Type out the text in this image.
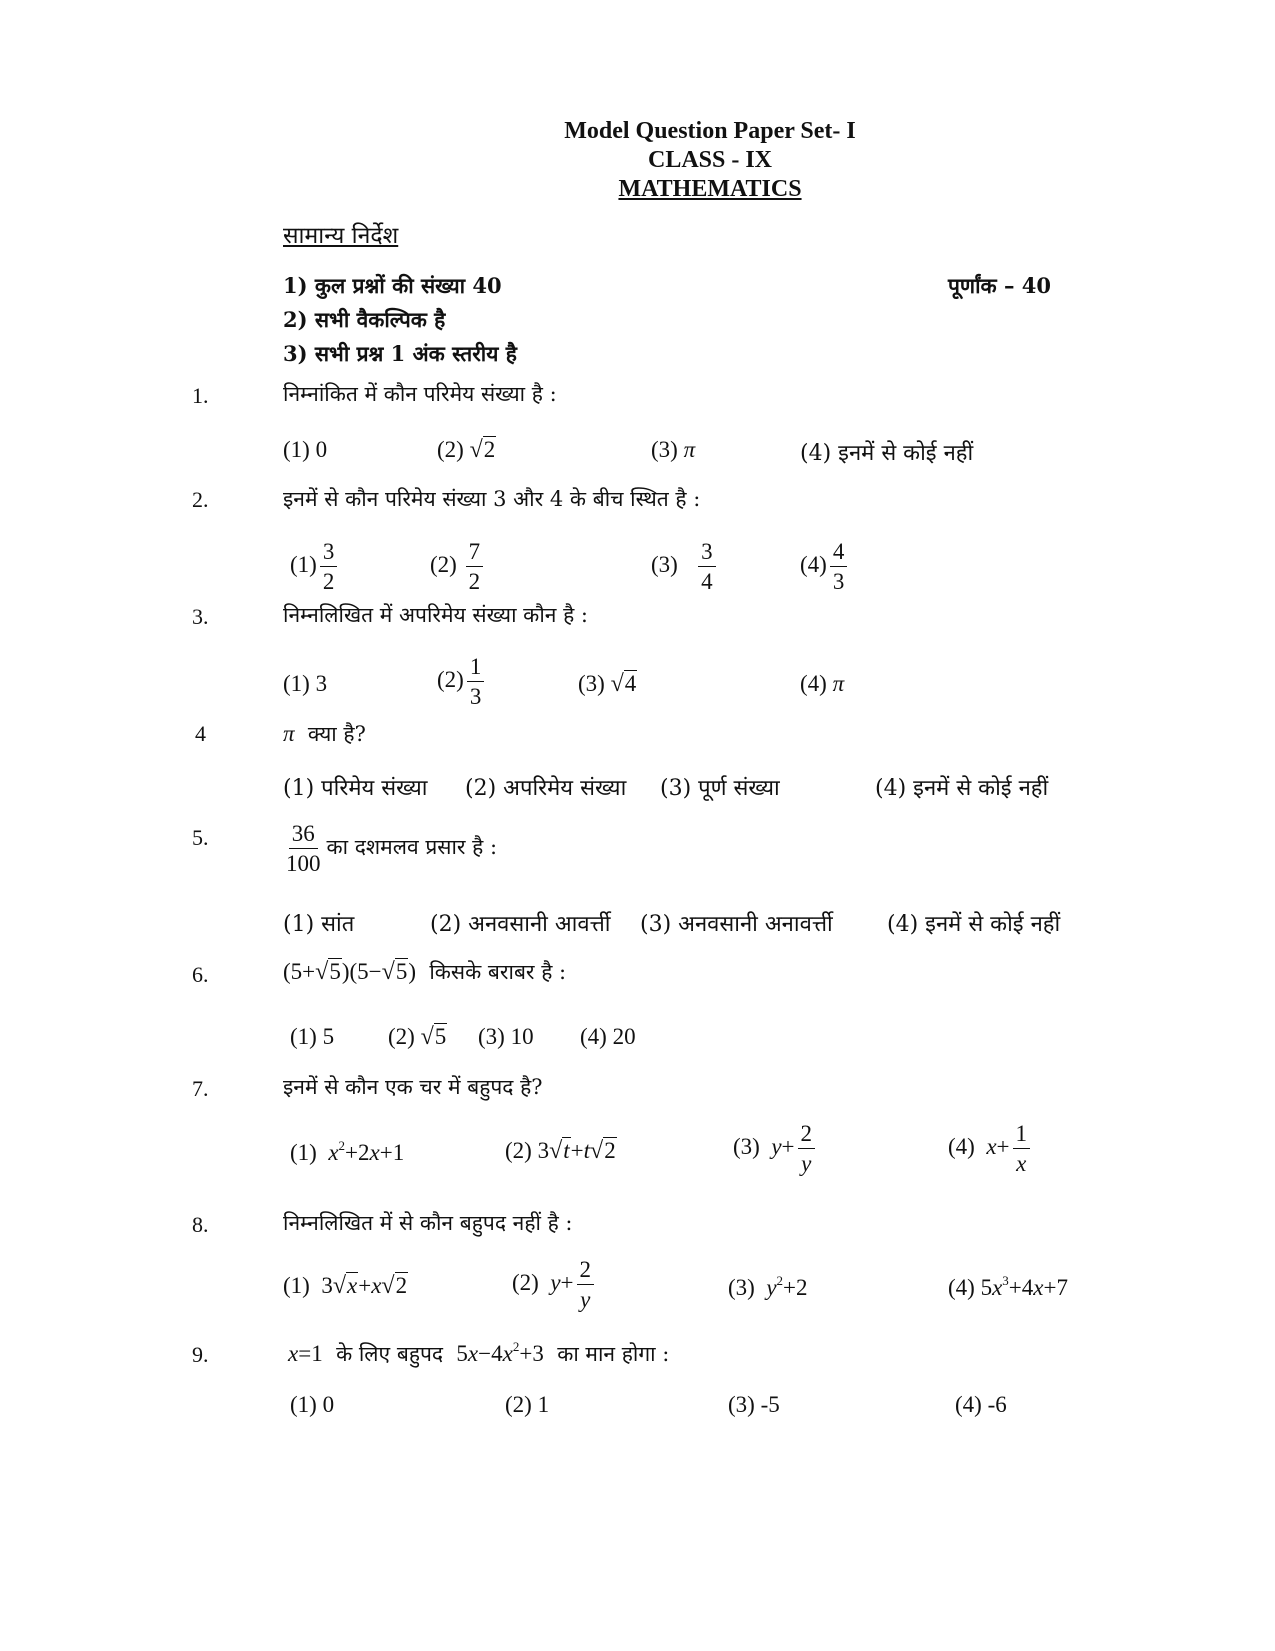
Model Question Paper Set- I
CLASS - IX
MATHEMATICS
सामान्य निर्देश
1) कुल प्रश्नों की संख्या 40	पूर्णांक – 40
2) सभी वैकल्पिक है
3) सभी प्रश्न 1 अंक स्तरीय है
1.	निम्नांकित में कौन परिमेय संख्या है :
(1) 0	(2) √2	(3) π	(4) इनमें से कोई नहीं
2.	इनमें से कौन परिमेय संख्या 3 और 4 के बीच स्थित है :
$(1) \frac{3}{2}$	$(2) \frac{7}{2}$	$(3) \frac{3}{4}$	$(4) \frac{4}{3}$
3.	निम्नलिखित में अपरिमेय संख्या कौन है :
(1) 3	$(2) \frac{1}{3}$	(3) √4	(4) π
4	π क्या है?
(1) परिमेय संख्या (2) अपरिमेय संख्या (3) पूर्ण संख्या	(4) इनमें से कोई नहीं
5.	$\frac{36}{100}$ का दशमलव प्रसार है :
(1) सांत	(2) अनवसानी आवर्त्ती (3) अनवसानी अनावर्त्ती (4) इनमें से कोई नहीं
6.	(5+√5)(5−√5) किसके बराबर है :
(1) 5 (2) √5 (3) 10 (4) 20
7.	इनमें से कौन एक चर में बहुपद है?
(1) $x^2+2x+1$	(2) 3√t+t√2	(3) $y+ \frac{2}{y}$	(4) $x+ \frac{1}{x}$
8.	निम्नलिखित में से कौन बहुपद नहीं है :
(1) 3√x+x√2	(2) $y+ \frac{2}{y}$	(3) $y^2+2$	(4) $5x^3+4x+7$
9.	x=1 के लिए बहुपद $5x-4x^2+3$ का मान होगा :
(1) 0	(2) 1	(3) -5	(4) -6
